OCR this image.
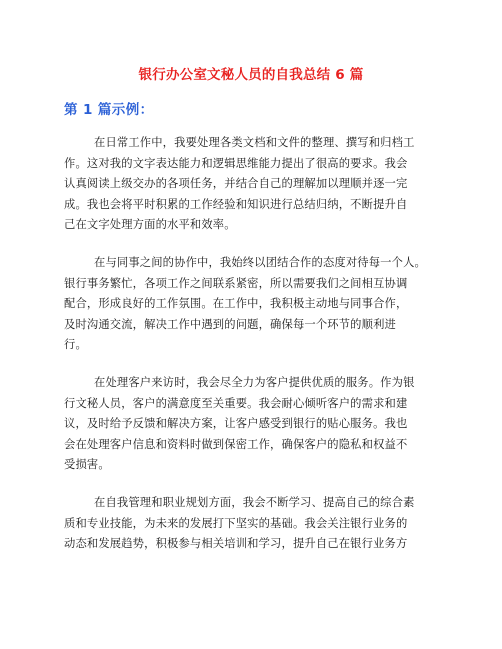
银行办公室文秘人员的自我总结 6 篇
第 1 篇示例：
在日常工作中，我要处理各类文档和文件的整理、撰写和归档工
作。这对我的文字表达能力和逻辑思维能力提出了很高的要求。我会
认真阅读上级交办的各项任务，并结合自己的理解加以理顺并逐一完
成。我也会将平时积累的工作经验和知识进行总结归纳，不断提升自
己在文字处理方面的水平和效率。
在与同事之间的协作中，我始终以团结合作的态度对待每一个人。
银行事务繁忙，各项工作之间联系紧密，所以需要我们之间相互协调
配合，形成良好的工作氛围。在工作中，我积极主动地与同事合作，
及时沟通交流，解决工作中遇到的问题，确保每一个环节的顺利进
行。
在处理客户来访时，我会尽全力为客户提供优质的服务。作为银
行文秘人员，客户的满意度至关重要。我会耐心倾听客户的需求和建
议，及时给予反馈和解决方案，让客户感受到银行的贴心服务。我也
会在处理客户信息和资料时做到保密工作，确保客户的隐私和权益不
受损害。
在自我管理和职业规划方面，我会不断学习、提高自己的综合素
质和专业技能，为未来的发展打下坚实的基础。我会关注银行业务的
动态和发展趋势，积极参与相关培训和学习，提升自己在银行业务方
